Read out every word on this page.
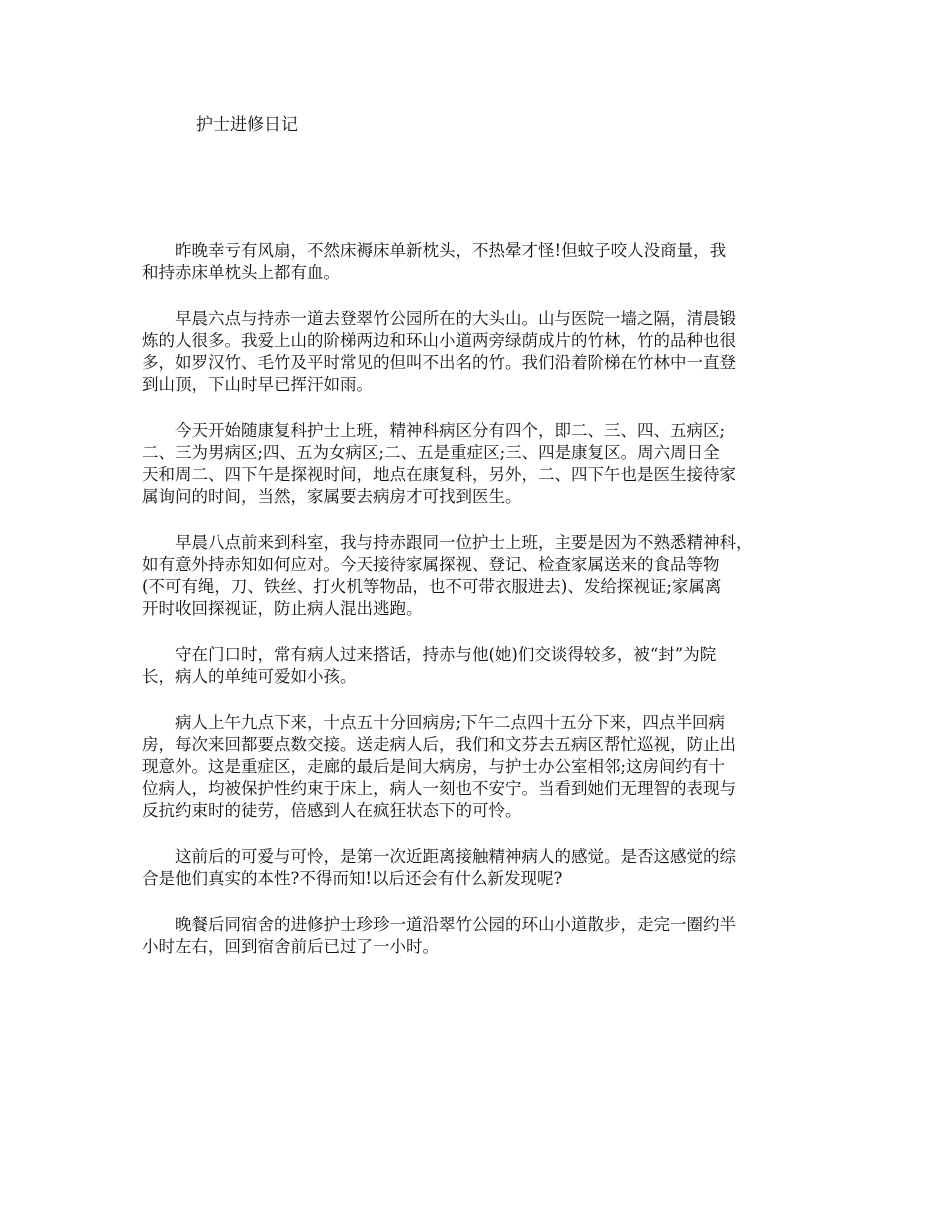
护士进修日记

昨晚幸亏有风扇，不然床褥床单新枕头，不热晕才怪!但蚊子咬人没商量，我
和持赤床单枕头上都有血。

早晨六点与持赤一道去登翠竹公园所在的大头山。山与医院一墙之隔，清晨锻
炼的人很多。我爱上山的阶梯两边和环山小道两旁绿荫成片的竹林，竹的品种也很
多，如罗汉竹、毛竹及平时常见的但叫不出名的竹。我们沿着阶梯在竹林中一直登
到山顶，下山时早已挥汗如雨。

今天开始随康复科护士上班，精神科病区分有四个，即二、三、四、五病区;
二、三为男病区;四、五为女病区;二、五是重症区;三、四是康复区。周六周日全
天和周二、四下午是探视时间，地点在康复科，另外，二、四下午也是医生接待家
属询问的时间，当然，家属要去病房才可找到医生。

早晨八点前来到科室，我与持赤跟同一位护士上班，主要是因为不熟悉精神科，
如有意外持赤知如何应对。今天接待家属探视、登记、检查家属送来的食品等物
(不可有绳，刀、铁丝、打火机等物品，也不可带衣服进去)、发给探视证;家属离
开时收回探视证，防止病人混出逃跑。

守在门口时，常有病人过来搭话，持赤与他(她)们交谈得较多，被“封”为院
长，病人的单纯可爱如小孩。

病人上午九点下来，十点五十分回病房;下午二点四十五分下来，四点半回病
房，每次来回都要点数交接。送走病人后，我们和文芬去五病区帮忙巡视，防止出
现意外。这是重症区，走廊的最后是间大病房，与护士办公室相邻;这房间约有十
位病人，均被保护性约束于床上，病人一刻也不安宁。当看到她们无理智的表现与
反抗约束时的徒劳，倍感到人在疯狂状态下的可怜。

这前后的可爱与可怜，是第一次近距离接触精神病人的感觉。是否这感觉的综
合是他们真实的本性?不得而知!以后还会有什么新发现呢?

晚餐后同宿舍的进修护士珍珍一道沿翠竹公园的环山小道散步，走完一圈约半
小时左右，回到宿舍前后已过了一小时。
